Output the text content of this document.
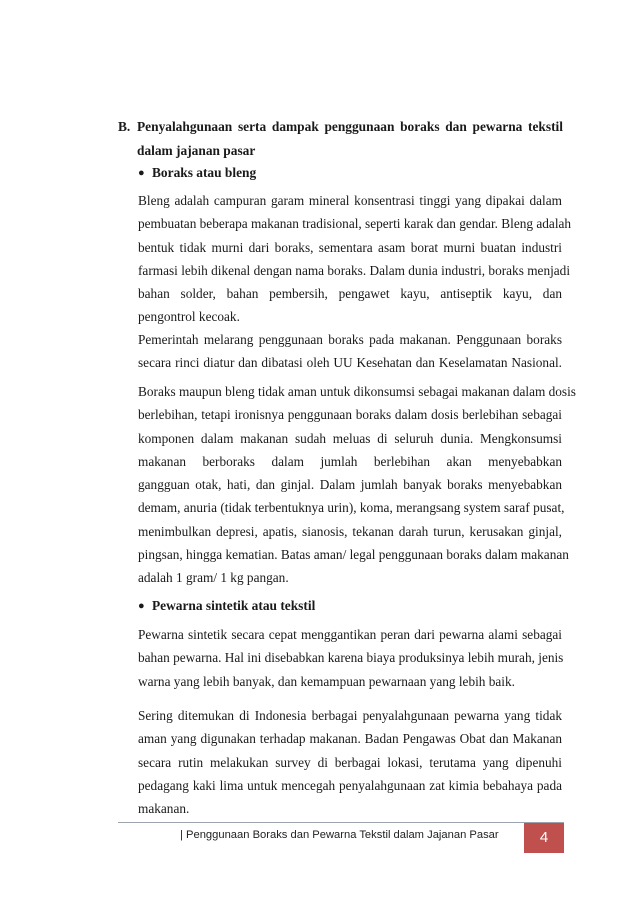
B. Penyalahgunaan serta dampak penggunaan boraks dan pewarna tekstil dalam jajanan pasar
● Boraks atau bleng
Bleng adalah campuran garam mineral konsentrasi tinggi yang dipakai dalam
pembuatan beberapa makanan tradisional, seperti karak dan gendar. Bleng adalah
bentuk tidak murni dari boraks, sementara asam borat murni buatan industri
farmasi lebih dikenal dengan nama boraks. Dalam dunia industri, boraks menjadi
bahan solder, bahan pembersih, pengawet kayu, antiseptik kayu, dan
pengontrol kecoak.
Pemerintah melarang penggunaan boraks pada makanan. Penggunaan boraks
secara rinci diatur dan dibatasi oleh UU Kesehatan dan Keselamatan Nasional.
Boraks maupun bleng tidak aman untuk dikonsumsi sebagai makanan dalam dosis
berlebihan, tetapi ironisnya penggunaan boraks dalam dosis berlebihan sebagai
komponen dalam makanan sudah meluas di seluruh dunia. Mengkonsumsi
makanan berboraks dalam jumlah berlebihan akan menyebabkan
gangguan otak, hati, dan ginjal. Dalam jumlah banyak boraks menyebabkan
demam, anuria (tidak terbentuknya urin), koma, merangsang system saraf pusat,
menimbulkan depresi, apatis, sianosis, tekanan darah turun, kerusakan ginjal,
pingsan, hingga kematian. Batas aman/ legal penggunaan boraks dalam makanan
adalah 1 gram/ 1 kg pangan.
● Pewarna sintetik atau tekstil
Pewarna sintetik secara cepat menggantikan peran dari pewarna alami sebagai
bahan pewarna. Hal ini disebabkan karena biaya produksinya lebih murah, jenis
warna yang lebih banyak, dan kemampuan pewarnaan yang lebih baik.
Sering ditemukan di Indonesia berbagai penyalahgunaan pewarna yang tidak
aman yang digunakan terhadap makanan. Badan Pengawas Obat dan Makanan
secara rutin melakukan survey di berbagai lokasi, terutama yang dipenuhi
pedagang kaki lima untuk mencegah penyalahgunaan zat kimia bebahaya pada
makanan.
| Penggunaan Boraks dan Pewarna Tekstil dalam Jajanan Pasar	4
